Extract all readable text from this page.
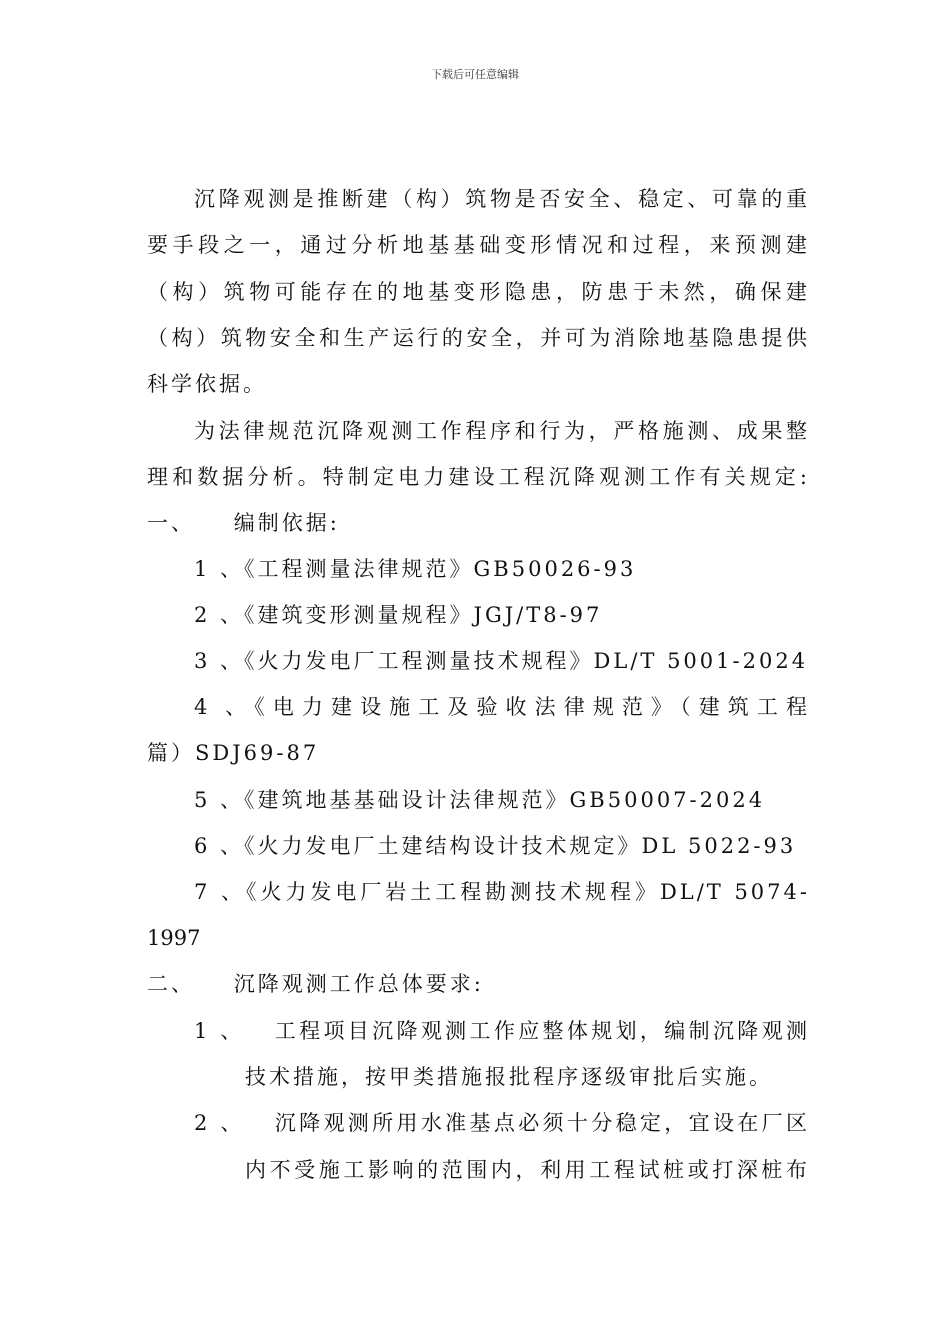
下载后可任意编辑
沉降观测是推断建（构）筑物是否安全、稳定、可靠的重
要手段之一，通过分析地基基础变形情况和过程，来预测建
（构）筑物可能存在的地基变形隐患，防患于未然，确保建
（构）筑物安全和生产运行的安全，并可为消除地基隐患提供
科学依据。
为法律规范沉降观测工作程序和行为，严格施测、成果整
理和数据分析。特制定电力建设工程沉降观测工作有关规定:
一、    编制依据:
1 、《工程测量法律规范》GB50026-93
2 、《建筑变形测量规程》JGJ/T8-97
3 、《火力发电厂工程测量技术规程》DL/T 5001-2024
4 、《电力建设施工及验收法律规范》（建筑工程
篇）SDJ69-87
5 、《建筑地基基础设计法律规范》GB50007-2024
6 、《火力发电厂土建结构设计技术规定》DL 5022-93
7 、《火力发电厂岩土工程勘测技术规程》DL/T 5074-
1997
二、    沉降观测工作总体要求:
1 、   工程项目沉降观测工作应整体规划，编制沉降观测
技术措施，按甲类措施报批程序逐级审批后实施。
2 、   沉降观测所用水准基点必须十分稳定，宜设在厂区
内不受施工影响的范围内，利用工程试桩或打深桩布
